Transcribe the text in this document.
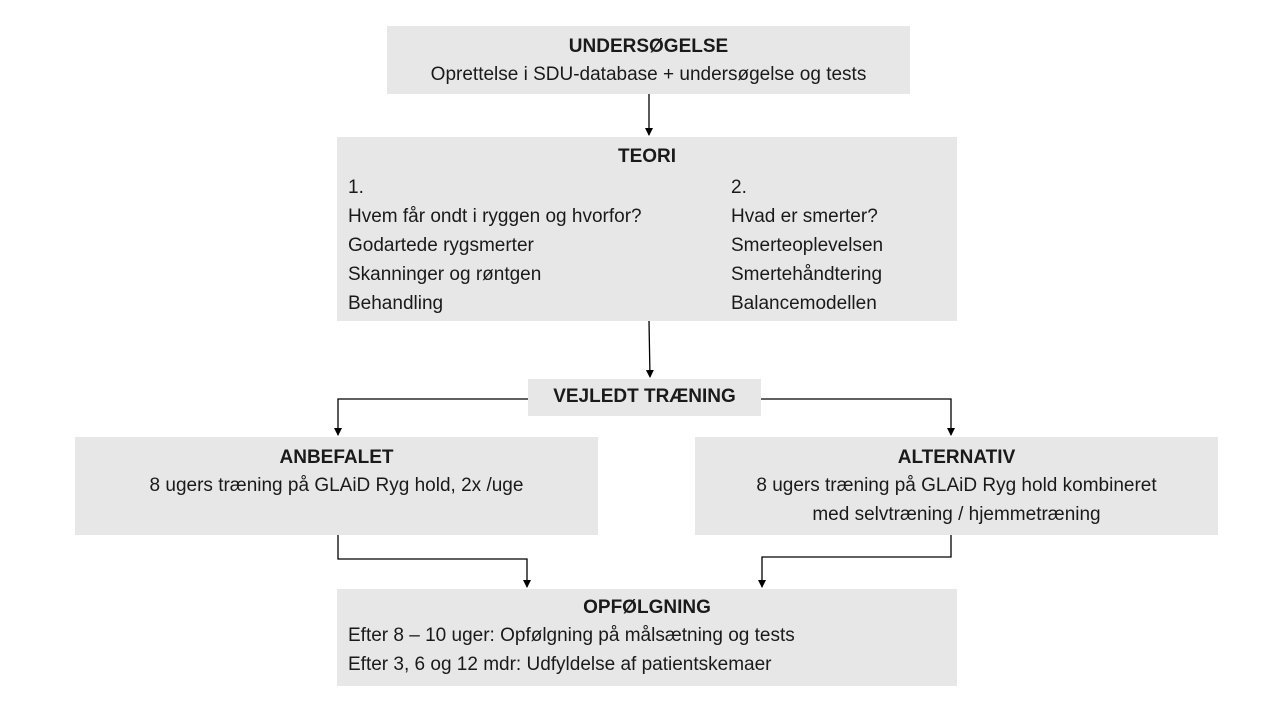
UNDERSØGELSE
Oprettelse i SDU-database + undersøgelse og tests
TEORI
1.
Hvem får ondt i ryggen og hvorfor?
Godartede rygsmerter
Skanninger og røntgen
Behandling
2.
Hvad er smerter?
Smerteoplevelsen
Smertehåndtering
Balancemodellen
VEJLEDT TRÆNING
ANBEFALET
8 ugers træning på GLAiD Ryg hold, 2x /uge
ALTERNATIV
8 ugers træning på GLAiD Ryg hold kombineret
med selvtræning / hjemmetræning
OPFØLGNING
Efter 8 – 10 uger: Opfølgning på målsætning og tests
Efter 3, 6 og 12 mdr: Udfyldelse af patientskemaer
